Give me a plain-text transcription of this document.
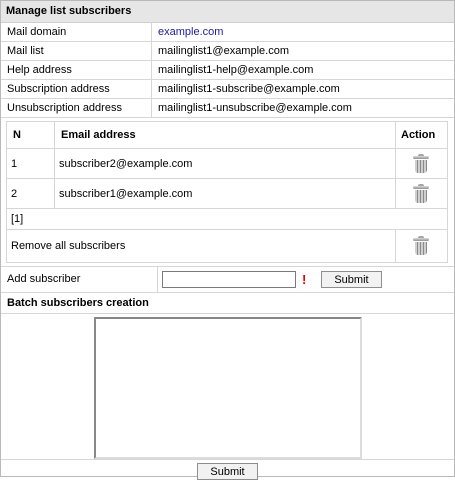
Manage list subscribers
Mail domain	example.com
Mail list	mailinglist1@example.com
Help address	mailinglist1-help@example.com
Subscription address	mailinglist1-subscribe@example.com
Unsubscription address	mailinglist1-unsubscribe@example.com
N	Email address	Action
1	subscriber2@example.com	

2	subscriber1@example.com	

[1]		
Remove all subscribers		
Add subscriber	!	Submit
Batch subscribers creation
Submit
